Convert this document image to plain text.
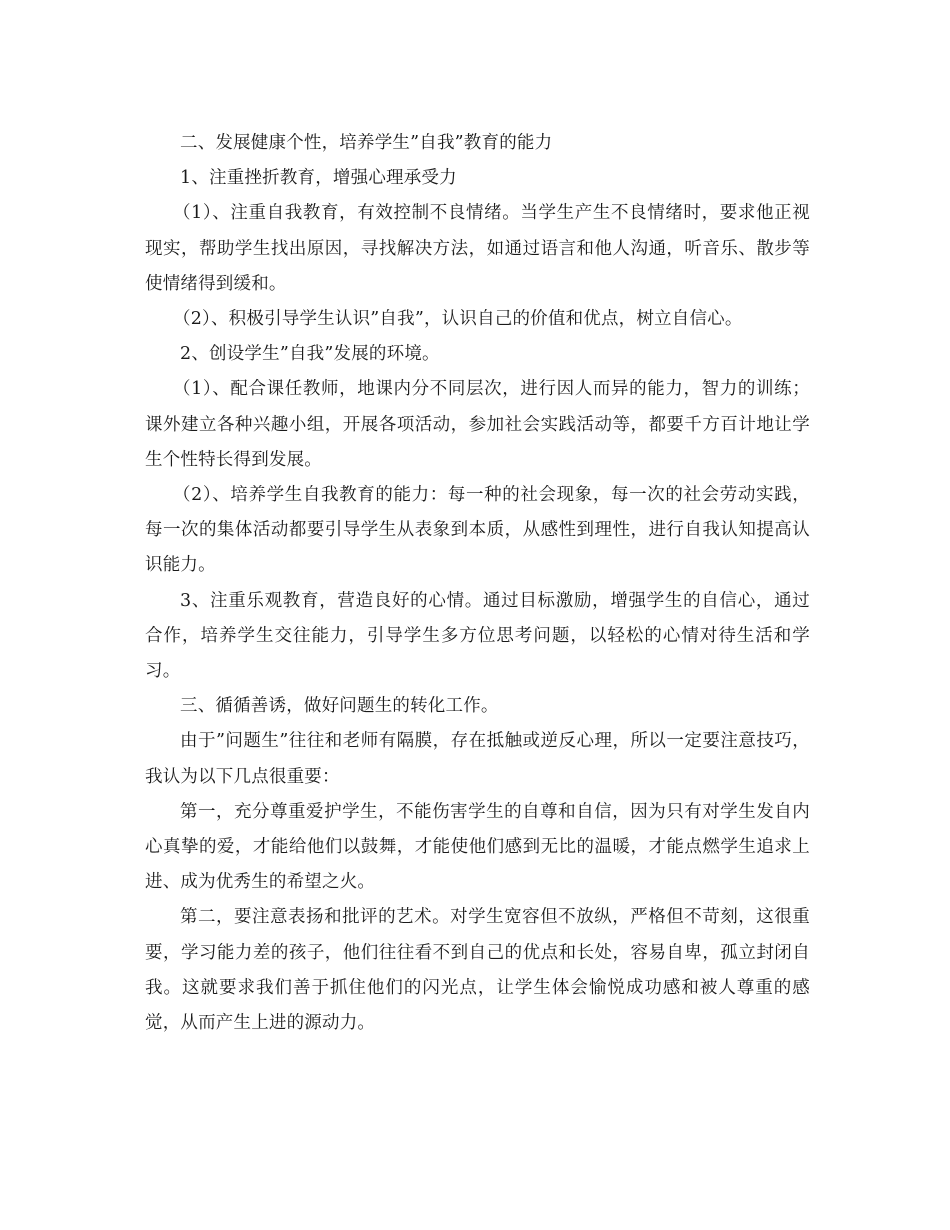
二、发展健康个性，培养学生”自我”教育的能力

1、注重挫折教育，增强心理承受力

（1）、注重自我教育，有效控制不良情绪。当学生产生不良情绪时，要求他正视现实，帮助学生找出原因，寻找解决方法，如通过语言和他人沟通，听音乐、散步等使情绪得到缓和。

（2）、积极引导学生认识”自我”，认识自己的价值和优点，树立自信心。

2、创设学生”自我”发展的环境。

（1）、配合课任教师，地课内分不同层次，进行因人而异的能力，智力的训练；课外建立各种兴趣小组，开展各项活动，参加社会实践活动等，都要千方百计地让学生个性特长得到发展。

（2）、培养学生自我教育的能力：每一种的社会现象，每一次的社会劳动实践，每一次的集体活动都要引导学生从表象到本质，从感性到理性，进行自我认知提高认识能力。

3、注重乐观教育，营造良好的心情。通过目标激励，增强学生的自信心，通过合作，培养学生交往能力，引导学生多方位思考问题，以轻松的心情对待生活和学习。

三、循循善诱，做好问题生的转化工作。

由于”问题生”往往和老师有隔膜，存在抵触或逆反心理，所以一定要注意技巧，我认为以下几点很重要：

第一，充分尊重爱护学生，不能伤害学生的自尊和自信，因为只有对学生发自内心真挚的爱，才能给他们以鼓舞，才能使他们感到无比的温暖，才能点燃学生追求上进、成为优秀生的希望之火。

第二，要注意表扬和批评的艺术。对学生宽容但不放纵，严格但不苛刻，这很重要，学习能力差的孩子，他们往往看不到自己的优点和长处，容易自卑，孤立封闭自我。这就要求我们善于抓住他们的闪光点，让学生体会愉悦成功感和被人尊重的感觉，从而产生上进的源动力。
